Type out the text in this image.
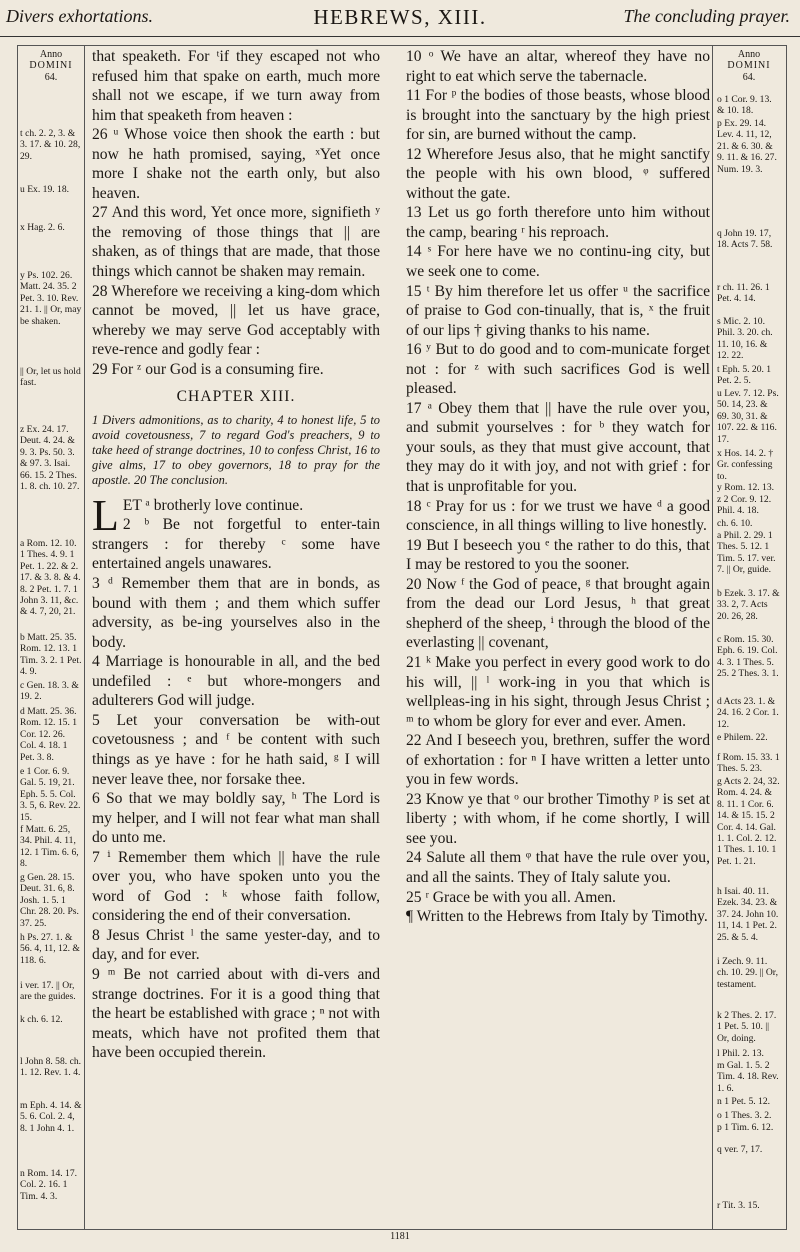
Divers exhortations.	HEBREWS, XIII.	The concluding prayer.
Anno
DOMINI
64.
t ch. 2. 2, 3. & 3. 17. & 10. 28, 29.
u Ex. 19. 18.
x Hag. 2. 6.
y Ps. 102. 26. Matt. 24. 35. 2 Pet. 3. 10. Rev. 21. 1. || Or, may be shaken.
|| Or, let us hold fast.
z Ex. 24. 17. Deut. 4. 24. & 9. 3. Ps. 50. 3. & 97. 3. Isai. 66. 15. 2 Thes. 1. 8. ch. 10. 27.
a Rom. 12. 10. 1 Thes. 4. 9. 1 Pet. 1. 22. & 2. 17. & 3. 8. & 4. 8. 2 Pet. 1. 7. 1 John 3. 11, &c. & 4. 7, 20, 21.
b Matt. 25. 35. Rom. 12. 13. 1 Tim. 3. 2. 1 Pet. 4. 9.
c Gen. 18. 3. & 19. 2.
d Matt. 25. 36. Rom. 12. 15. 1 Cor. 12. 26. Col. 4. 18. 1 Pet. 3. 8.
e 1 Cor. 6. 9. Gal. 5. 19, 21. Eph. 5. 5. Col. 3. 5, 6. Rev. 22. 15.
f Matt. 6. 25, 34. Phil. 4. 11, 12. 1 Tim. 6. 6, 8.
g Gen. 28. 15. Deut. 31. 6, 8. Josh. 1. 5. 1 Chr. 28. 20. Ps. 37. 25.
h Ps. 27. 1. & 56. 4, 11, 12. & 118. 6.
i ver. 17. || Or, are the guides.
k ch. 6. 12.
l John 8. 58. ch. 1. 12. Rev. 1. 4.
m Eph. 4. 14. & 5. 6. Col. 2. 4, 8. 1 John 4. 1.
n Rom. 14. 17. Col. 2. 16. 1 Tim. 4. 3.
Anno
DOMINI
64.
o 1 Cor. 9. 13. & 10. 18.
p Ex. 29. 14. Lev. 4. 11, 12, 21. & 6. 30. & 9. 11. & 16. 27. Num. 19. 3.
q John 19. 17, 18. Acts 7. 58.
r ch. 11. 26. 1 Pet. 4. 14.
s Mic. 2. 10. Phil. 3. 20. ch. 11. 10, 16. & 12. 22.
t Eph. 5. 20. 1 Pet. 2. 5.
u Lev. 7. 12. Ps. 50. 14, 23. & 69. 30, 31. & 107. 22. & 116. 17.
x Hos. 14. 2. † Gr. confessing to.
y Rom. 12. 13.
z 2 Cor. 9. 12. Phil. 4. 18.
ch. 6. 10.
a Phil. 2. 29. 1 Thes. 5. 12. 1 Tim. 5. 17. ver. 7. || Or, guide.
b Ezek. 3. 17. & 33. 2, 7. Acts 20. 26, 28.
c Rom. 15. 30. Eph. 6. 19. Col. 4. 3. 1 Thes. 5. 25. 2 Thes. 3. 1.
d Acts 23. 1. & 24. 16. 2 Cor. 1. 12.
e Philem. 22.
f Rom. 15. 33. 1 Thes. 5. 23.
g Acts 2. 24, 32. Rom. 4. 24. & 8. 11. 1 Cor. 6. 14. & 15. 15. 2 Cor. 4. 14. Gal. 1. 1. Col. 2. 12. 1 Thes. 1. 10. 1 Pet. 1. 21.
h Isai. 40. 11. Ezek. 34. 23. & 37. 24. John 10. 11, 14. 1 Pet. 2. 25. & 5. 4.
i Zech. 9. 11. ch. 10. 29. || Or, testament.
k 2 Thes. 2. 17. 1 Pet. 5. 10. || Or, doing.
l Phil. 2. 13.
m Gal. 1. 5. 2 Tim. 4. 18. Rev. 1. 6.
n 1 Pet. 5. 12.
o 1 Thes. 3. 2.
p 1 Tim. 6. 12.
q ver. 7, 17.
r Tit. 3. 15.

that speaketh. For ᵗif they escaped not who refused him that spake on earth, much more shall not we escape, if we turn away from him that speaketh from heaven :

26 ᵘ Whose voice then shook the earth : but now he hath promised, saying, ˣYet once more I shake not the earth only, but also heaven.

27 And this word, Yet once more, signifieth ʸ the removing of those things that || are shaken, as of things that are made, that those things which cannot be shaken may remain.

28 Wherefore we receiving a king-dom which cannot be moved, || let us have grace, whereby we may serve God acceptably with reve-rence and godly fear :

29 For ᶻ our God is a consuming fire.

CHAPTER XIII.
1 Divers admonitions, as to charity, 4 to honest life, 5 to avoid covetousness, 7 to regard God's preachers, 9 to take heed of strange doctrines, 10 to confess Christ, 16 to give alms, 17 to obey governors, 18 to pray for the apostle. 20 The conclusion.

LET ᵃ brotherly love continue.

2 ᵇ Be not forgetful to enter-tain strangers : for thereby ᶜ some have entertained angels unawares.

3 ᵈ Remember them that are in bonds, as bound with them ; and them which suffer adversity, as be-ing yourselves also in the body.

4 Marriage is honourable in all, and the bed undefiled : ᵉ but whore-mongers and adulterers God will judge.

5 Let your conversation be with-out covetousness ; and ᶠ be content with such things as ye have : for he hath said, ᵍ I will never leave thee, nor forsake thee.

6 So that we may boldly say, ʰ The Lord is my helper, and I will not fear what man shall do unto me.

7 ⁱ Remember them which || have the rule over you, who have spoken unto you the word of God : ᵏ whose faith follow, considering the end of their conversation.

8 Jesus Christ ˡ the same yester-day, and to day, and for ever.

9 ᵐ Be not carried about with di-vers and strange doctrines. For it is a good thing that the heart be established with grace ; ⁿ not with meats, which have not profited them that have been occupied therein.

10 ᵒ We have an altar, whereof they have no right to eat which serve the tabernacle.

11 For ᵖ the bodies of those beasts, whose blood is brought into the sanctuary by the high priest for sin, are burned without the camp.

12 Wherefore Jesus also, that he might sanctify the people with his own blood, ᵠ suffered without the gate.

13 Let us go forth therefore unto him without the camp, bearing ʳ his reproach.

14 ˢ For here have we no continu-ing city, but we seek one to come.

15 ᵗ By him therefore let us offer ᵘ the sacrifice of praise to God con-tinually, that is, ˣ the fruit of our lips † giving thanks to his name.

16 ʸ But to do good and to com-municate forget not : for ᶻ with such sacrifices God is well pleased.

17 ᵃ Obey them that || have the rule over you, and submit yourselves : for ᵇ they watch for your souls, as they that must give account, that they may do it with joy, and not with grief : for that is unprofitable for you.

18 ᶜ Pray for us : for we trust we have ᵈ a good conscience, in all things willing to live honestly.

19 But I beseech you ᵉ the rather to do this, that I may be restored to you the sooner.

20 Now ᶠ the God of peace, ᵍ that brought again from the dead our Lord Jesus, ʰ that great shepherd of the sheep, ⁱ through the blood of the everlasting || covenant,

21 ᵏ Make you perfect in every good work to do his will, || ˡ work-ing in you that which is wellpleas-ing in his sight, through Jesus Christ ; ᵐ to whom be glory for ever and ever. Amen.

22 And I beseech you, brethren, suffer the word of exhortation : for ⁿ I have written a letter unto you in few words.

23 Know ye that ᵒ our brother Timothy ᵖ is set at liberty ; with whom, if he come shortly, I will see you.

24 Salute all them ᵠ that have the rule over you, and all the saints. They of Italy salute you.

25 ʳ Grace be with you all. Amen.

¶ Written to the Hebrews from Italy by Timothy.

1181
